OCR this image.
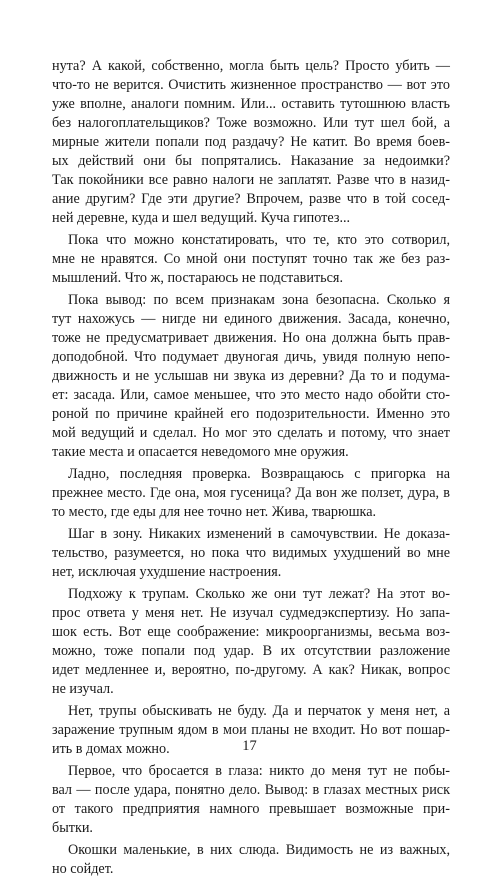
нута? А какой, собственно, могла быть цель? Просто убить —
что-то не верится. Очистить жизненное пространство — вот это
уже вполне, аналоги помним. Или... оставить тутошнюю власть
без налогоплательщиков? Тоже возможно. Или тут шел бой, а
мирные жители попали под раздачу? Не катит. Во время боев-
ых действий они бы попрятались. Наказание за недоимки?
Так покойники все равно налоги не заплатят. Разве что в назид-
ание другим? Где эти другие? Впрочем, разве что в той сосед-
ней деревне, куда и шел ведущий. Куча гипотез...
Пока что можно констатировать, что те, кто это сотворил,
мне не нравятся. Со мной они поступят точно так же без раз-
мышлений. Что ж, постараюсь не подставиться.
Пока вывод: по всем признакам зона безопасна. Сколько я
тут нахожусь — нигде ни единого движения. Засада, конечно,
тоже не предусматривает движения. Но она должна быть прав-
доподобной. Что подумает двуногая дичь, увидя полную непо-
движность и не услышав ни звука из деревни? Да то и подума-
ет: засада. Или, самое меньшее, что это место надо обойти сто-
роной по причине крайней его подозрительности. Именно это
мой ведущий и сделал. Но мог это сделать и потому, что знает
такие места и опасается неведомого мне оружия.
Ладно, последняя проверка. Возвращаюсь с пригорка на
прежнее место. Где она, моя гусеница? Да вон же ползет, дура, в
то место, где еды для нее точно нет. Жива, тварюшка.
Шаг в зону. Никаких изменений в самочувствии. Не доказа-
тельство, разумеется, но пока что видимых ухудшений во мне
нет, исключая ухудшение настроения.
Подхожу к трупам. Сколько же они тут лежат? На этот во-
прос ответа у меня нет. Не изучал судмедэкспертизу. Но запа-
шок есть. Вот еще соображение: микроорганизмы, весьма воз-
можно, тоже попали под удар. В их отсутствии разложение
идет медленнее и, вероятно, по-другому. А как? Никак, вопрос
не изучал.
Нет, трупы обыскивать не буду. Да и перчаток у меня нет, а
заражение трупным ядом в мои планы не входит. Но вот пошар-
ить в домах можно.
Первое, что бросается в глаза: никто до меня тут не побы-
вал — после удара, понятно дело. Вывод: в глазах местных риск
от такого предприятия намного превышает возможные при-
бытки.
Окошки маленькие, в них слюда. Видимость не из важных,
но сойдет.
17
